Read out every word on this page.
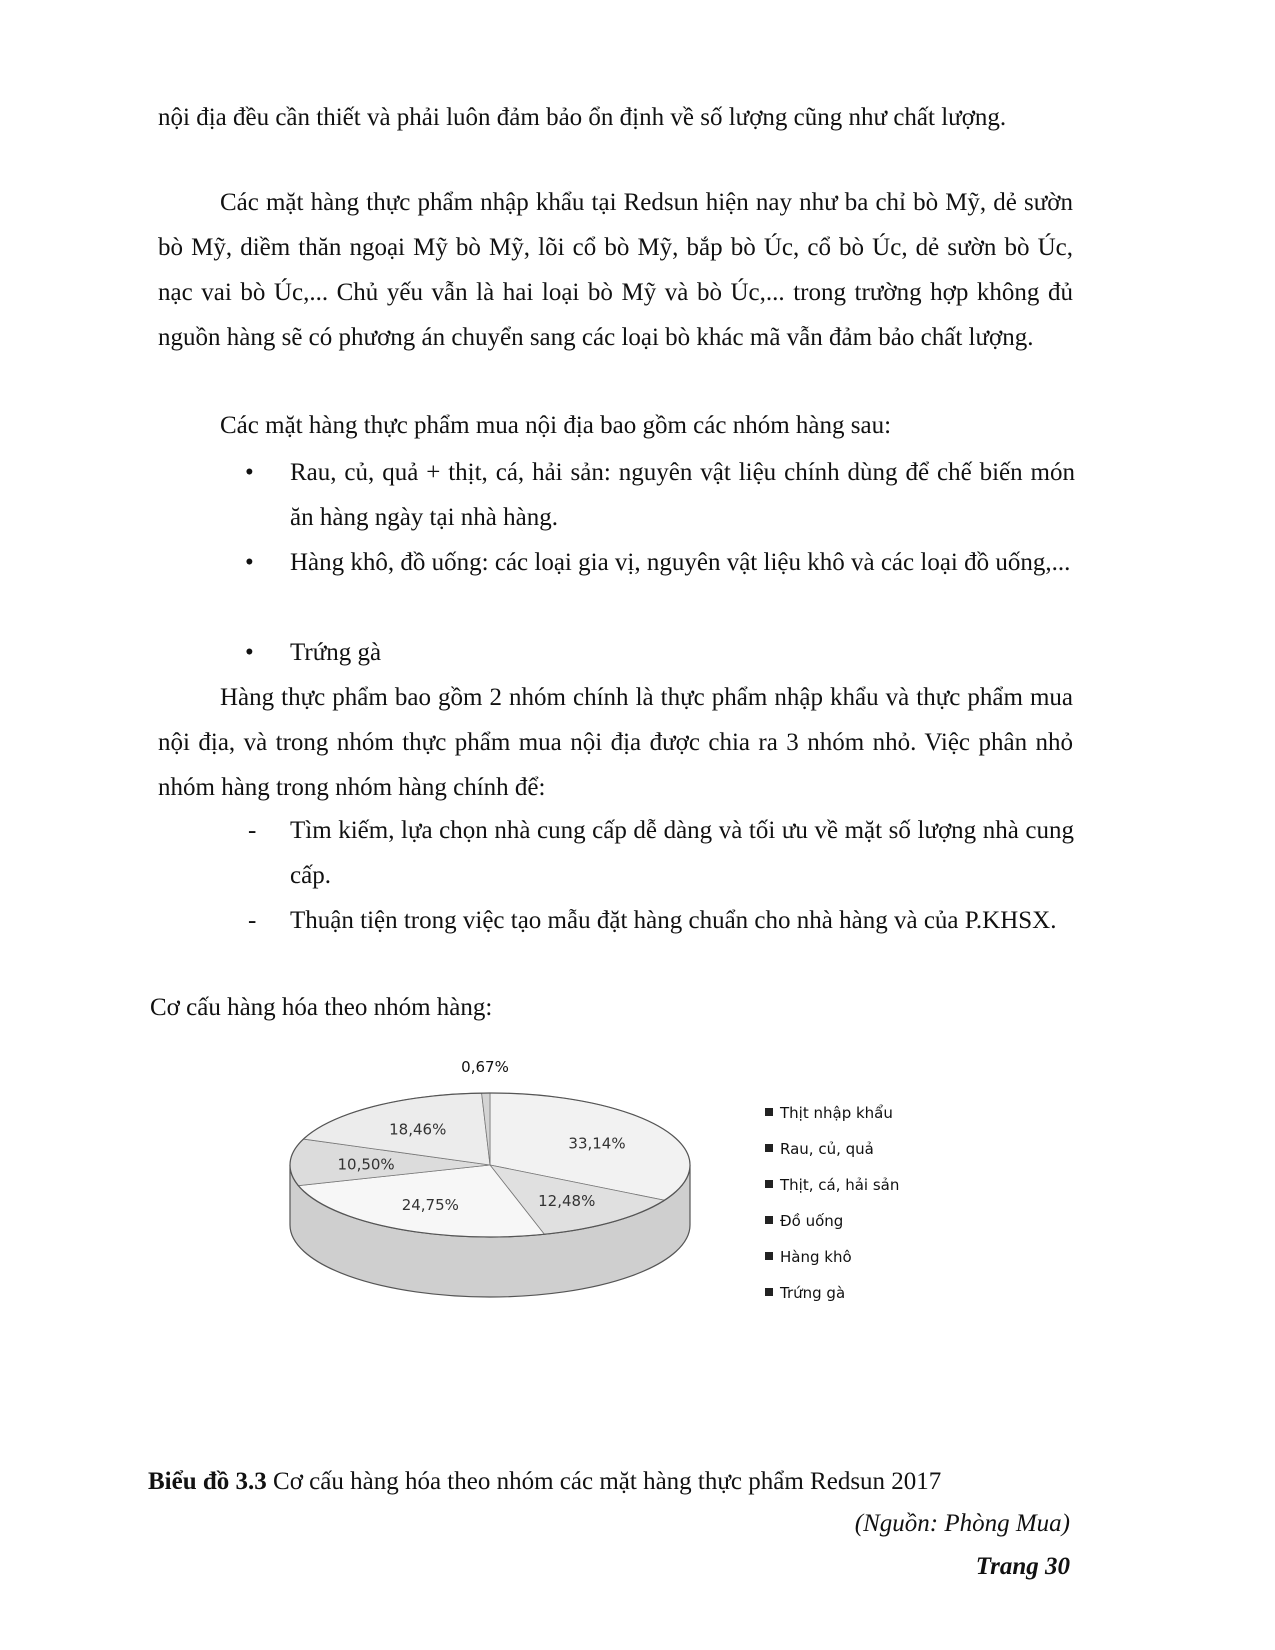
nội địa đều cần thiết và phải luôn đảm bảo ổn định về số lượng cũng như chất lượng.

Các mặt hàng thực phẩm nhập khẩu tại Redsun hiện nay như ba chỉ bò Mỹ, dẻ sườn bò Mỹ, diềm thăn ngoại Mỹ bò Mỹ, lõi cổ bò Mỹ, bắp bò Úc, cổ bò Úc, dẻ sườn bò Úc, nạc vai bò Úc,... Chủ yếu vẫn là hai loại bò Mỹ và bò Úc,... trong trường hợp không đủ nguồn hàng sẽ có phương án chuyển sang các loại bò khác mã vẫn đảm bảo chất lượng.

Các mặt hàng thực phẩm mua nội địa bao gồm các nhóm hàng sau:

•	Rau, củ, quả + thịt, cá, hải sản: nguyên vật liệu chính dùng để chế biến món ăn hàng ngày tại nhà hàng.
•	Hàng khô, đồ uống: các loại gia vị, nguyên vật liệu khô và các loại đồ uống,...
•	Trứng gà

Hàng thực phẩm bao gồm 2 nhóm chính là thực phẩm nhập khẩu và thực phẩm mua nội địa, và trong nhóm thực phẩm mua nội địa được chia ra 3 nhóm nhỏ. Việc phân nhỏ nhóm hàng trong nhóm hàng chính để:

-	Tìm kiếm, lựa chọn nhà cung cấp dễ dàng và tối ưu về mặt số lượng nhà cung cấp.
-	Thuận tiện trong việc tạo mẫu đặt hàng chuẩn cho nhà hàng và của P.KHSX.

Cơ cấu hàng hóa theo nhóm hàng:

33,14%
12,48%
24,75%
10,50%
18,46%
0,67%
Thịt nhập khẩu
Rau, củ, quả
Thịt, cá, hải sản
Đồ uống
Hàng khô
Trứng gà

Biểu đồ 3.3 Cơ cấu hàng hóa theo nhóm các mặt hàng thực phẩm Redsun 2017

(Nguồn: Phòng Mua)

Trang 30
